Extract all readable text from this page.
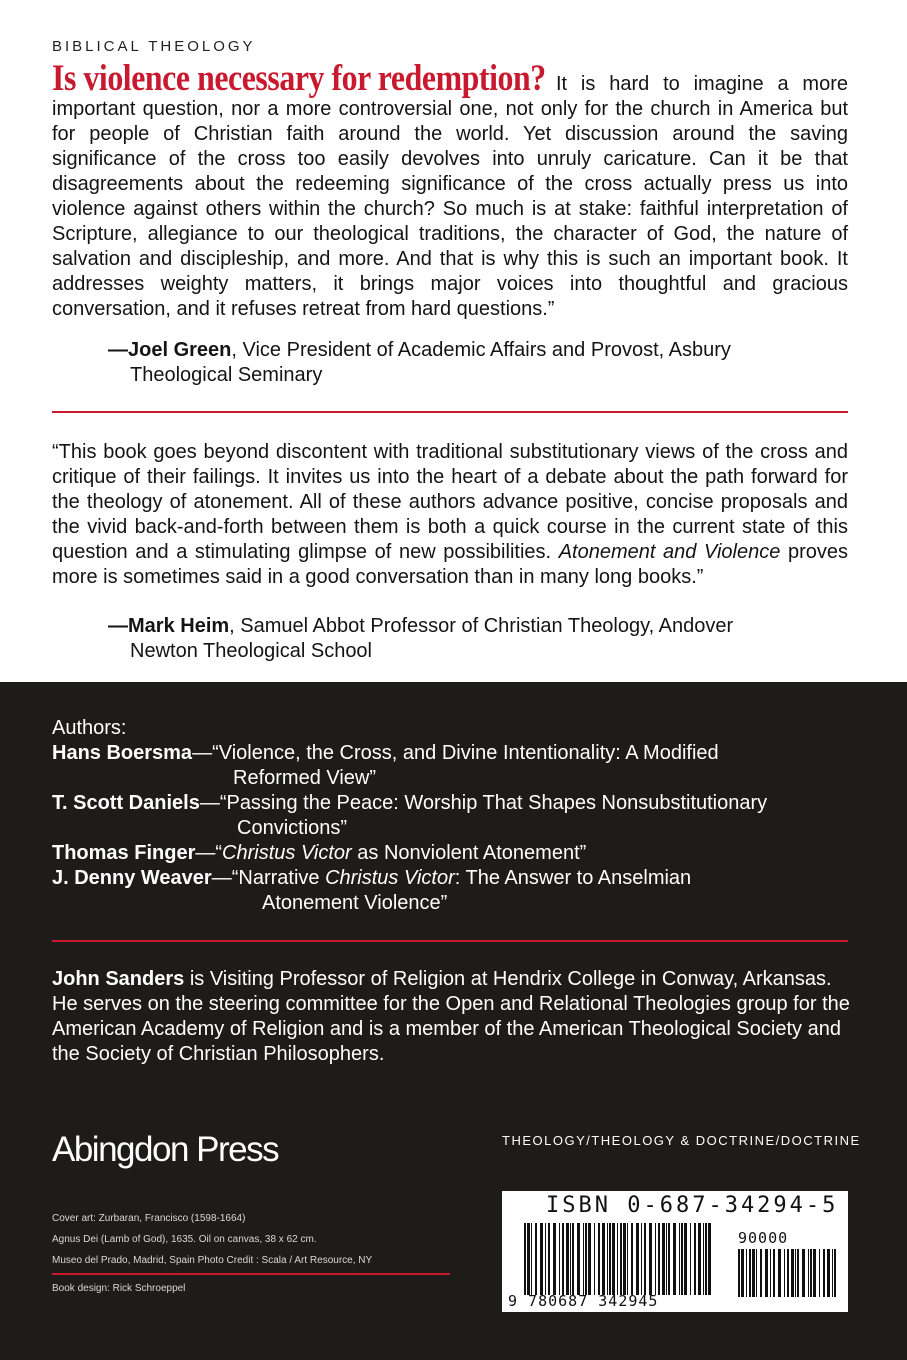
BIBLICAL THEOLOGY
Is violence necessary for redemption? It is hard to imagine a more important question, nor a more controversial one, not only for the church in America but for people of Christian faith around the world. Yet discussion around the saving significance of the cross too easily devolves into unruly caricature. Can it be that disagreements about the redeeming significance of the cross actually press us into violence against others within the church? So much is at stake: faithful interpretation of Scripture, allegiance to our theological traditions, the character of God, the nature of salvation and discipleship, and more. And that is why this is such an important book. It addresses weighty matters, it brings major voices into thoughtful and gracious conversation, and it refuses retreat from hard questions.”
—Joel Green, Vice President of Academic Affairs and Provost, Asbury
Theological Seminary
“This book goes beyond discontent with traditional substitutionary views of the cross and critique of their failings. It invites us into the heart of a debate about the path forward for the theology of atonement. All of these authors advance positive, concise proposals and the vivid back-and-forth between them is both a quick course in the current state of this question and a stimulating glimpse of new possibilities. Atonement and Violence proves more is sometimes said in a good conversation than in many long books.”
—Mark Heim, Samuel Abbot Professor of Christian Theology, Andover
Newton Theological School
Authors:
Hans Boersma—“Violence, the Cross, and Divine Intentionality: A Modified
Reformed View”
T. Scott Daniels—“Passing the Peace: Worship That Shapes Nonsubstitutionary
Convictions”
Thomas Finger—“Christus Victor as Nonviolent Atonement”
J. Denny Weaver—“Narrative Christus Victor: The Answer to Anselmian
Atonement Violence”
John Sanders is Visiting Professor of Religion at Hendrix College in Conway, Arkansas. He serves on the steering committee for the Open and Relational Theologies group for the American Academy of Religion and is a member of the American Theological Society and the Society of Christian Philosophers.
Abingdon Press	THEOLOGY/THEOLOGY & DOCTRINE/DOCTRINE
Cover art: Zurbaran, Francisco (1598-1664)
Agnus Dei (Lamb of God), 1635. Oil on canvas, 38 x 62 cm.
Museo del Prado, Madrid, Spain Photo Credit : Scala / Art Resource, NY
Book design: Rick Schroeppel
ISBN 0-687-34294-5
90000
9 780687 342945
